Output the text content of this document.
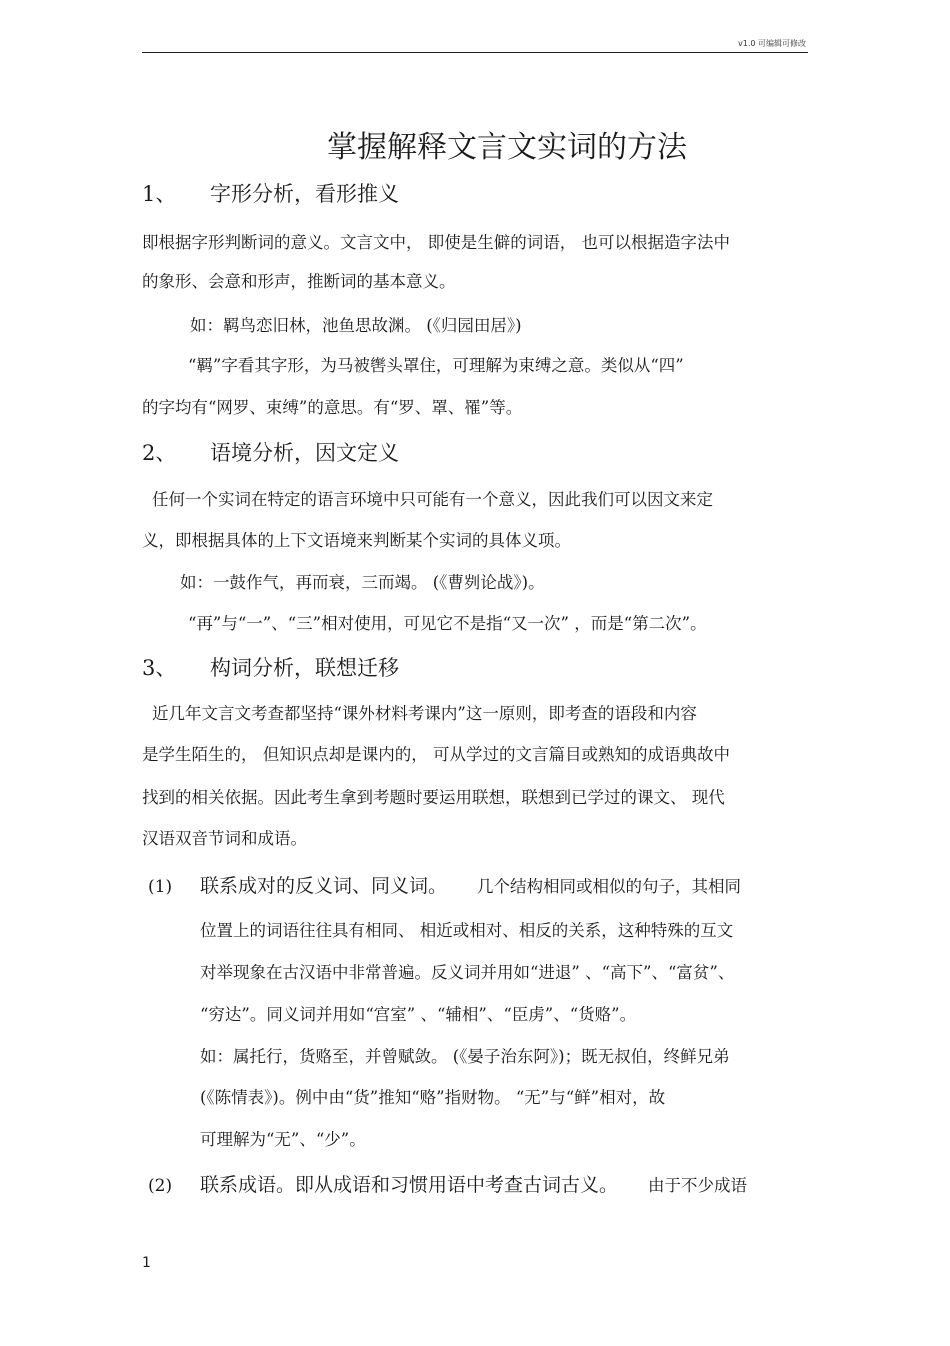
v1.0 可编辑可修改
掌握解释文言文实词的方法
1、 字形分析，看形推义
即根据字形判断词的意义。文言文中， 即使是生僻的词语， 也可以根据造字法中
的象形、会意和形声，推断词的基本意义。
如：羁鸟恋旧林，池鱼思故渊。 (《归园田居》)
“羁”字看其字形，为马被辔头罩住，可理解为束缚之意。类似从“四”
的字均有“网罗、束缚”的意思。有“罗、罩、罹”等。
2、 语境分析，因文定义
任何一个实词在特定的语言环境中只可能有一个意义，因此我们可以因文来定
义，即根据具体的上下文语境来判断某个实词的具体义项。
如：一鼓作气，再而衰，三而竭。 (《曹刿论战》)。
“再”与“一”、“三”相对使用，可见它不是指“又一次” ，而是“第二次”。
3、 构词分析，联想迁移
近几年文言文考查都坚持“课外材料考课内”这一原则，即考查的语段和内容
是学生陌生的， 但知识点却是课内的， 可从学过的文言篇目或熟知的成语典故中
找到的相关依据。因此考生拿到考题时要运用联想，联想到已学过的课文、 现代
汉语双音节词和成语。
(1) 联系成对的反义词、同义词。 几个结构相同或相似的句子，其相同
位置上的词语往往具有相同、 相近或相对、相反的关系，这种特殊的互文
对举现象在古汉语中非常普遍。反义词并用如“进退” 、“高下”、“富贫”、
“穷达”。同义词并用如“宫室” 、“辅相”、“臣虏”、“货赂”。
如：属托行，货赂至，并曾赋敛。 (《晏子治东阿》)；既无叔伯，终鲜兄弟
(《陈情表》)。例中由“货”推知“赂”指财物。 “无”与“鲜”相对，故
可理解为“无”、“少”。
(2) 联系成语。即从成语和习惯用语中考查古词古义。 由于不少成语
1
